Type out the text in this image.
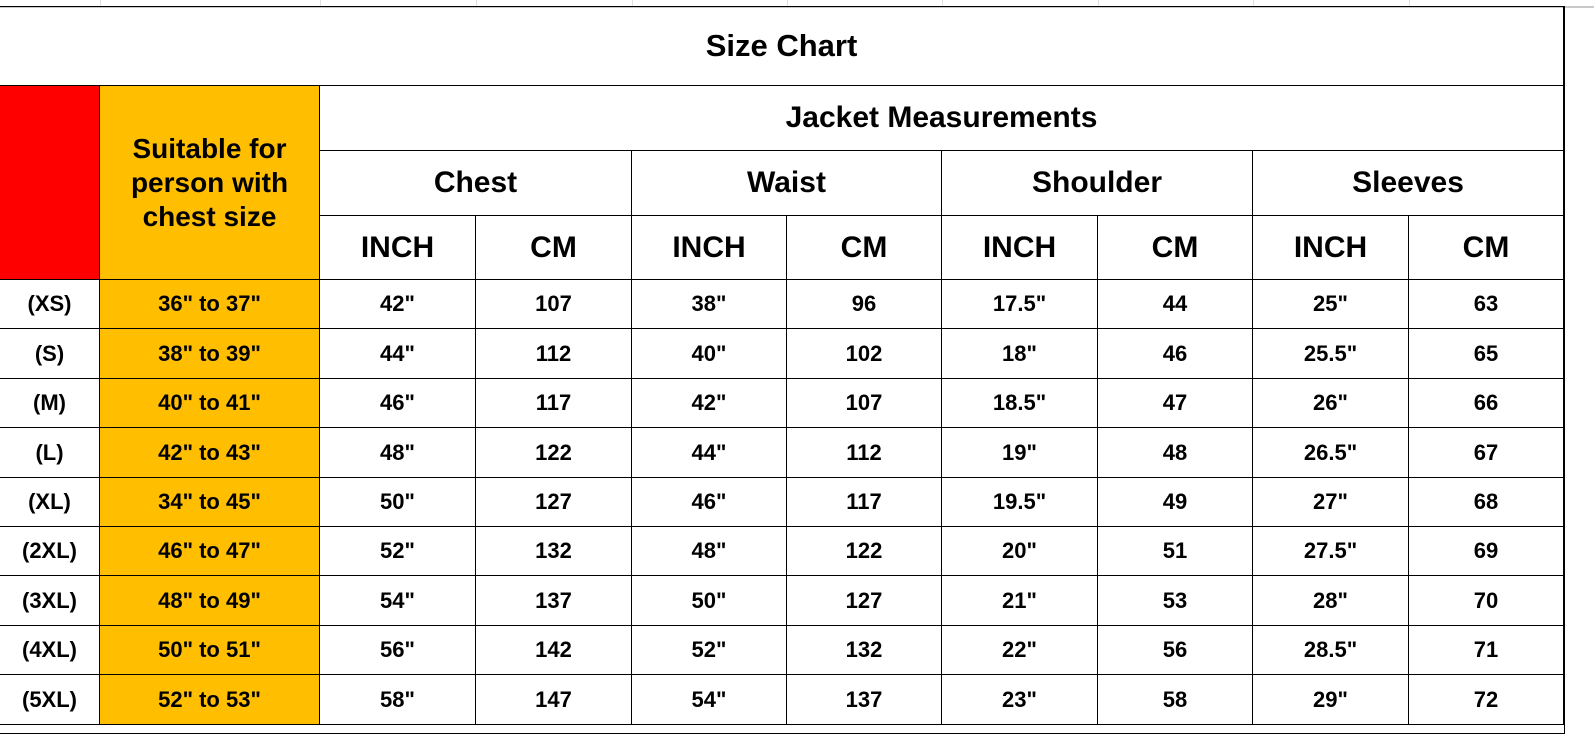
Size Chart
Suitable for person with chest size
Jacket Measurements
Chest
INCH	CM
Waist
INCH	CM
Shoulder
INCH	CM
Sleeves
INCH	CM
(XS)	36" to 37"	42"	107	38"	96	17.5"	44	25"	63
(S)	38" to 39"	44"	112	40"	102	18"	46	25.5"	65
(M)	40" to 41"	46"	117	42"	107	18.5"	47	26"	66
(L)	42" to 43"	48"	122	44"	112	19"	48	26.5"	67
(XL)	34" to 45"	50"	127	46"	117	19.5"	49	27"	68
(2XL)	46" to 47"	52"	132	48"	122	20"	51	27.5"	69
(3XL)	48" to 49"	54"	137	50"	127	21"	53	28"	70
(4XL)	50" to 51"	56"	142	52"	132	22"	56	28.5"	71
(5XL)	52" to 53"	58"	147	54"	137	23"	58	29"	72
